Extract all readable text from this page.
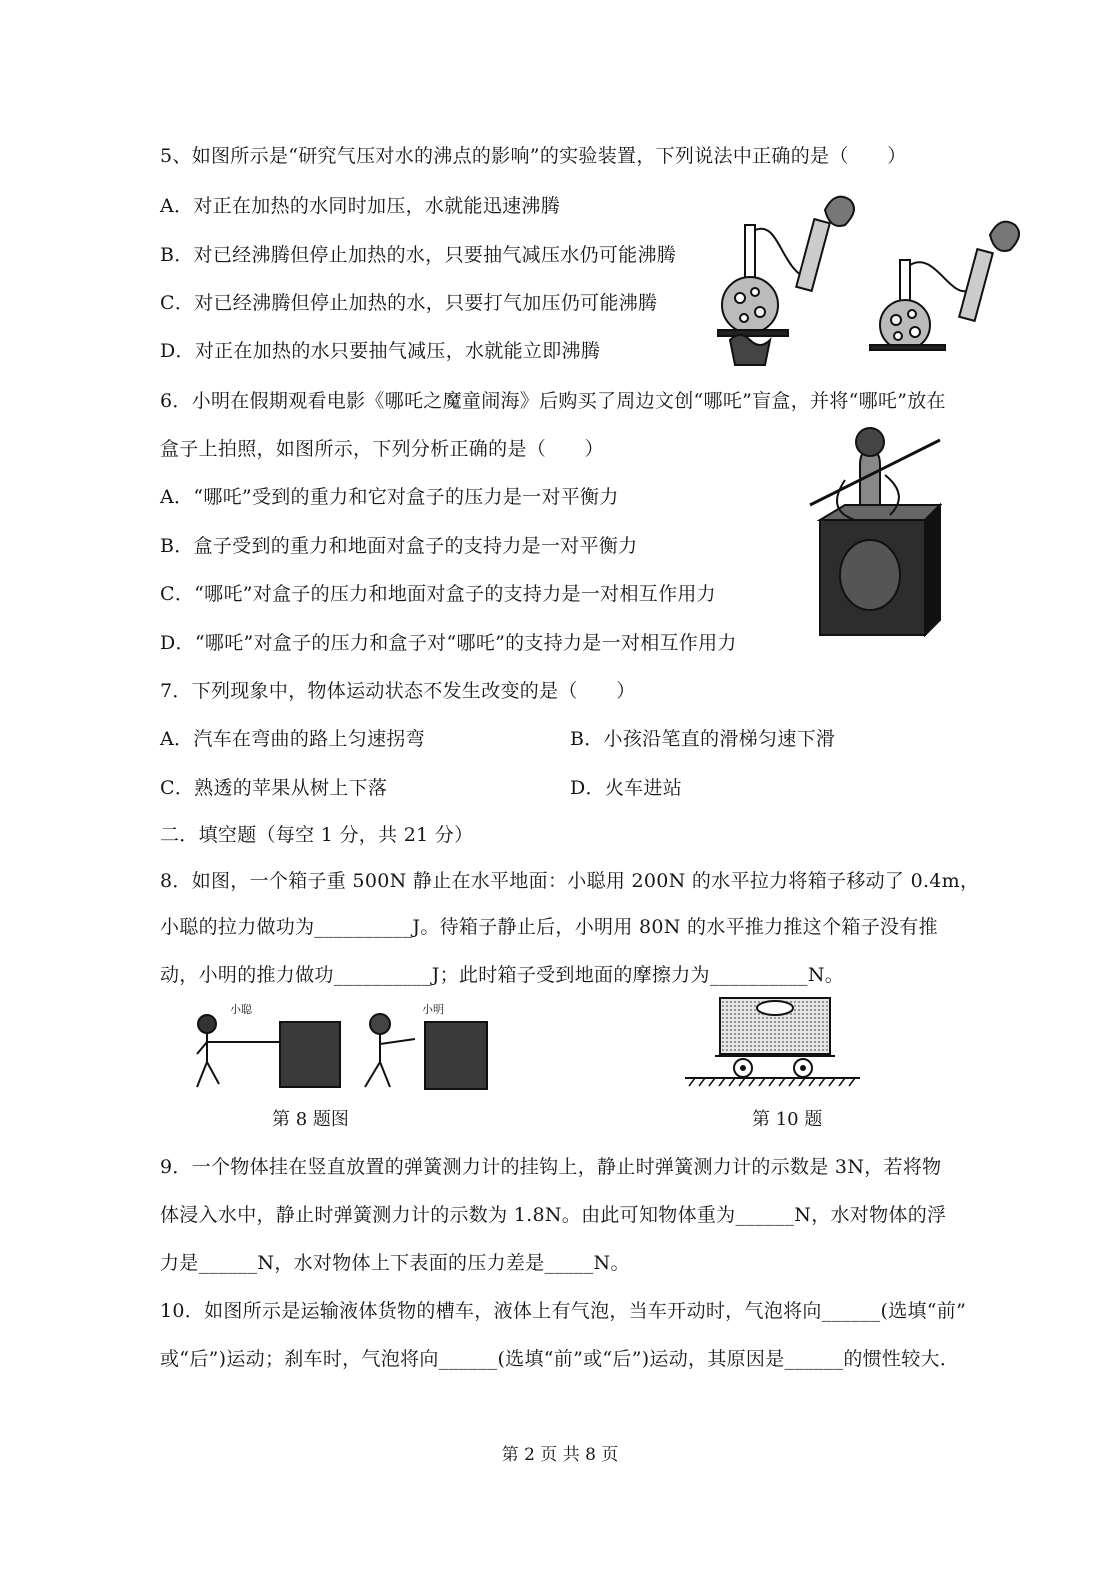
5、如图所示是“研究气压对水的沸点的影响”的实验装置，下列说法中正确的是（　　）
A．对正在加热的水同时加压，水就能迅速沸腾
B．对已经沸腾但停止加热的水，只要抽气减压水仍可能沸腾
C．对已经沸腾但停止加热的水，只要打气加压仍可能沸腾
D．对正在加热的水只要抽气减压，水就能立即沸腾
6．小明在假期观看电影《哪吒之魔童闹海》后购买了周边文创“哪吒”盲盒，并将“哪吒”放在
盒子上拍照，如图所示，下列分析正确的是（　　）
A．“哪吒”受到的重力和它对盒子的压力是一对平衡力
B．盒子受到的重力和地面对盒子的支持力是一对平衡力
C．“哪吒”对盒子的压力和地面对盒子的支持力是一对相互作用力
D．“哪吒”对盒子的压力和盒子对“哪吒”的支持力是一对相互作用力
7．下列现象中，物体运动状态不发生改变的是（　　）
A．汽车在弯曲的路上匀速拐弯	B．小孩沿笔直的滑梯匀速下滑
C．熟透的苹果从树上下落	D．火车进站
二．填空题（每空 1 分，共 21 分）
8．如图，一个箱子重 500N 静止在水平地面：小聪用 200N 的水平拉力将箱子移动了 0.4m，
小聪的拉力做功为__________J。待箱子静止后，小明用 80N 的水平推力推这个箱子没有推
动，小明的推力做功__________J；此时箱子受到地面的摩擦力为__________N。
小聪	小明
第 8 题图	第 10 题
9．一个物体挂在竖直放置的弹簧测力计的挂钩上，静止时弹簧测力计的示数是 3N，若将物
体浸入水中，静止时弹簧测力计的示数为 1.8N。由此可知物体重为______N，水对物体的浮
力是______N，水对物体上下表面的压力差是_____N。
10．如图所示是运输液体货物的槽车，液体上有气泡，当车开动时，气泡将向______(选填“前”
或“后”)运动；刹车时，气泡将向______(选填“前”或“后”)运动，其原因是______的惯性较大．
第 2 页 共 8 页
